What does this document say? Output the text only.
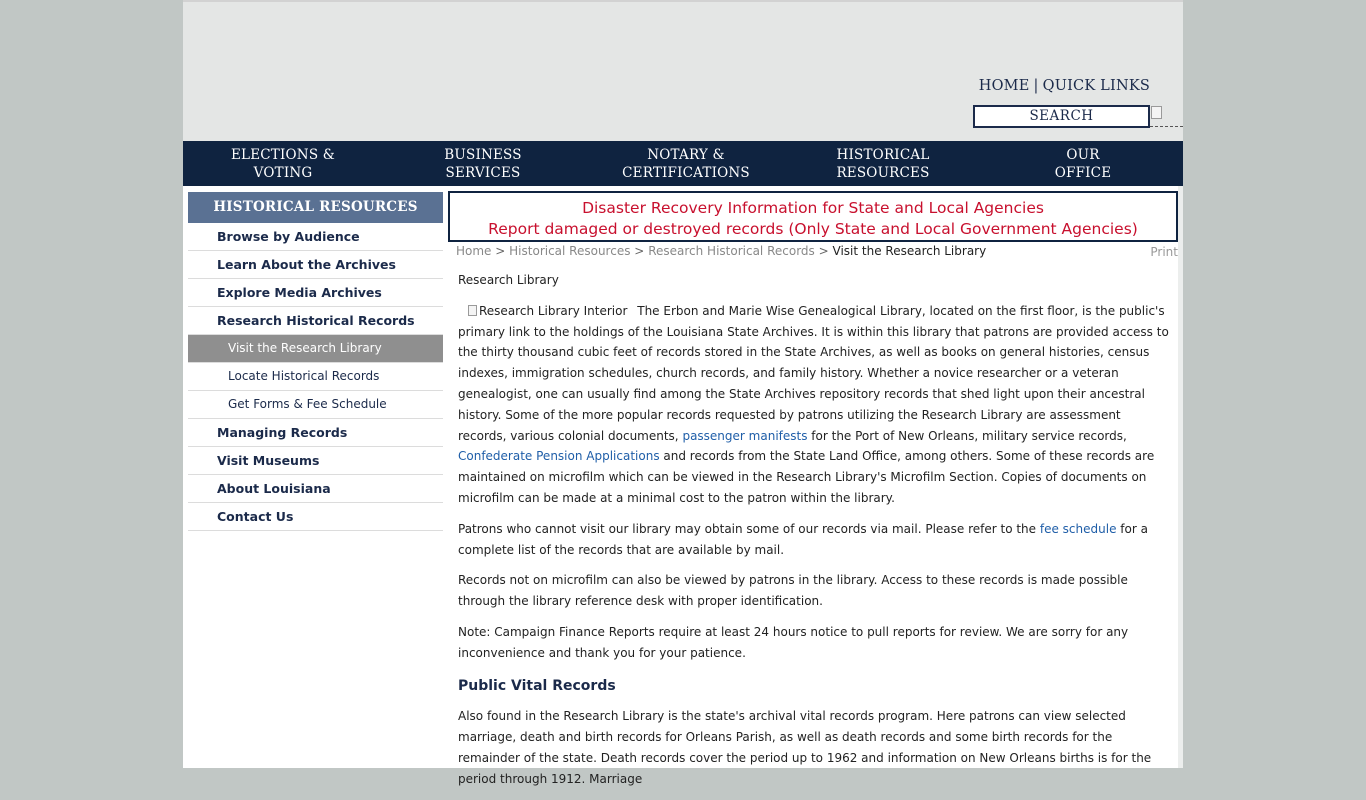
HOME | QUICK LINKS
SEARCH
ELECTIONS &
VOTING
BUSINESS
SERVICES
NOTARY &
CERTIFICATIONS
HISTORICAL
RESOURCES
OUR
OFFICE
HISTORICAL RESOURCES
Browse by Audience
Learn About the Archives
Explore Media Archives
Research Historical Records
Visit the Research Library
Locate Historical Records
Get Forms & Fee Schedule
Managing Records
Visit Museums
About Louisiana
Contact Us
Disaster Recovery Information for State and Local Agencies
Report damaged or destroyed records (Only State and Local Government Agencies)
Home > Historical Resources > Research Historical Records > Visit the Research Library	Print

Research Library

Research Library Interior The Erbon and Marie Wise Genealogical Library, located on the first floor, is the public's primary link to the holdings of the Louisiana State Archives. It is within this library that patrons are provided access to the thirty thousand cubic feet of records stored in the State Archives, as well as books on general histories, census indexes, immigration schedules, church records, and family history. Whether a novice researcher or a veteran genealogist, one can usually find among the State Archives repository records that shed light upon their ancestral history. Some of the more popular records requested by patrons utilizing the Research Library are assessment records, various colonial documents, passenger manifests for the Port of New Orleans, military service records, Confederate Pension Applications and records from the State Land Office, among others. Some of these records are maintained on microfilm which can be viewed in the Research Library's Microfilm Section. Copies of documents on microfilm can be made at a minimal cost to the patron within the library.

Patrons who cannot visit our library may obtain some of our records via mail. Please refer to the fee schedule for a complete list of the records that are available by mail.

Records not on microfilm can also be viewed by patrons in the library. Access to these records is made possible through the library reference desk with proper identification.

Note: Campaign Finance Reports require at least 24 hours notice to pull reports for review. We are sorry for any inconvenience and thank you for your patience.

Public Vital Records

Also found in the Research Library is the state's archival vital records program. Here patrons can view selected marriage, death and birth records for Orleans Parish, as well as death records and some birth records for the remainder of the state. Death records cover the period up to 1962 and information on New Orleans births is for the period through 1912. Marriage
